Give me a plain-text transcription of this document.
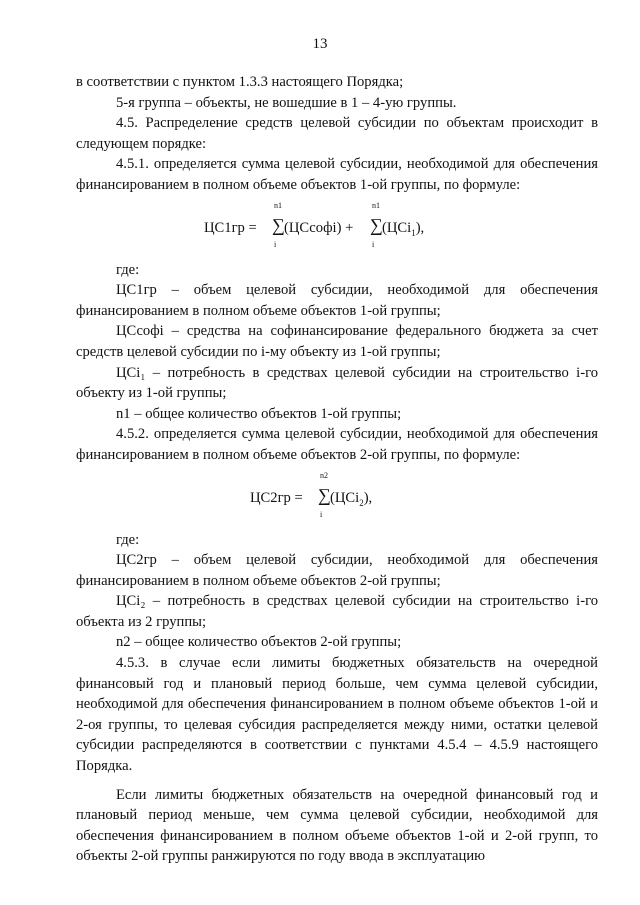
13

в соответствии с пунктом 1.3.3 настоящего Порядка;

5-я группа – объекты, не вошедшие в 1 – 4-ую группы.

4.5. Распределение средств целевой субсидии по объектам происходит в следующем порядке:

4.5.1. определяется сумма целевой субсидии, необходимой для обеспечения финансированием в полном объеме объектов 1-ой группы, по формуле:

ЦС1гр =
n1
∑
i
(ЦСсофi) +
n1
∑
i
(ЦСi$_1$),

где:

ЦС1гр – объем целевой субсидии, необходимой для обеспечения финансированием в полном объеме объектов 1-ой группы;

ЦСсофi – средства на софинансирование федерального бюджета за счет средств целевой субсидии по i-му объекту из 1-ой группы;

ЦСi₁ – потребность в средствах целевой субсидии на строительство i-го объекту из 1-ой группы;

n1 – общее количество объектов 1-ой группы;

4.5.2. определяется сумма целевой субсидии, необходимой для обеспечения финансированием в полном объеме объектов 2-ой группы, по формуле:

ЦС2гр =
n2
∑
i
(ЦСi$_2$),

где:

ЦС2гр – объем целевой субсидии, необходимой для обеспечения финансированием в полном объеме объектов 2-ой группы;

ЦСi₂ – потребность в средствах целевой субсидии на строительство i-го объекта из 2 группы;

n2 – общее количество объектов 2-ой группы;

4.5.3. в случае если лимиты бюджетных обязательств на очередной финансовый год и плановый период больше, чем сумма целевой субсидии, необходимой для обеспечения финансированием в полном объеме объектов 1-ой и 2-оя группы, то целевая субсидия распределяется между ними, остатки целевой субсидии распределяются в соответствии с пунктами 4.5.4 – 4.5.9 настоящего Порядка.

Если лимиты бюджетных обязательств на очередной финансовый год и плановый период меньше, чем сумма целевой субсидии, необходимой для обеспечения финансированием в полном объеме объектов 1-ой и 2-ой групп, то объекты 2-ой группы ранжируются по году ввода в эксплуатацию
